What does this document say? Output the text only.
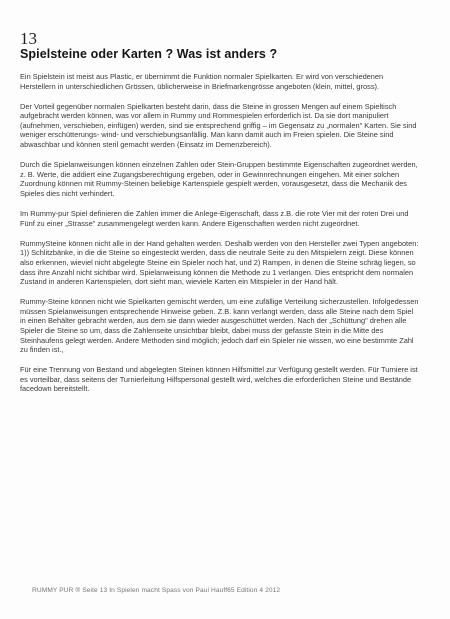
13
Spielsteine oder Karten ? Was ist anders ?

Ein Spielstein ist meist aus Plastic, er übernimmt die Funktion normaler Spielkarten. Er wird von verschiedenen Herstellern in unterschiedlichen Grössen, üblicherweise in Briefmarkengrösse angeboten (klein, mittel, gross).

Der Vorteil gegenüber normalen Spielkarten besteht darin, dass die Steine in grossen Mengen auf einem Spieltisch aufgebracht werden können, was vor allem in Rummy und Rommespielen erforderlich ist. Da sie dort manipuliert (aufnehmen, verschieben, einfügen) werden, sind sie entsprechend griffig – im Gegensatz zu „normalen" Karten. Sie sind weniger erschütterungs- wind- und verschiebungsanfällig. Man kann damit auch im Freien spielen. Die Steine sind abwaschbar und können steril gemacht werden (Einsatz im Demenzbereich).

Durch die Spielanweisungen können einzelnen Zahlen oder Stein-Gruppen bestimmte Eigenschaften zugeordnet werden, z. B. Werte, die addiert eine Zugangsberechtigung ergeben, oder in Gewinnrechnungen eingehen. Mit einer solchen Zuordnung können mit Rummy-Steinen beliebige Kartenspiele gespielt werden, vorausgesetzt, dass die Mechanik des Spieles dies nicht verhindert.

Im Rummy-pur Spiel definieren die Zahlen immer die Anlege-Eigenschaft, dass z.B. die rote Vier mit der roten Drei und Fünf zu einer „Strasse" zusammengelegt werden kann. Andere Eigenschaften werden nicht zugeordnet.

RummySteine können nicht alle in der Hand gehalten werden. Deshalb werden von den Hersteller zwei Typen angeboten: 1)) Schlitzbänke, in die die Steine so eingesteckt werden, dass die neutrale Seite zu den Mitspielern zeigt. Diese können also erkennen, wieviel nicht abgelegte Steine ein Spieler noch hat, und 2) Rampen, in denen die Steine schräg liegen, so dass ihre Anzahl nicht sichtbar wird. Spielanweisung können die Methode zu 1 verlangen. Dies entspricht dem normalen Zustand in anderen Kartenspielen, dort sieht man, wieviele Karten ein Mitspieler in der Hand hält.

Rummy-Steine können nicht wie Spielkarten gemischt werden, um eine zufällige Verteilung sicherzustellen. Infolgedessen müssen Spielanweisungen entsprechende Hinweise geben. Z.B. kann verlangt werden, dass alle Steine nach dem Spiel in einen Behälter gebracht werden, aus dem sie dann wieder ausgeschüttet werden. Nach der „Schüttung" drehen alle Spieler die Steine so um, dass die Zahlenseite unsichtbar bleibt, dabei muss der gefasste Stein in die Mitte des Steinhaufens gelegt werden. Andere Methoden sind möglich; jedoch darf ein Spieler nie wissen, wo eine bestimmte Zahl zu finden ist.,

Für eine Trennung von Bestand und abgelegten Steinen können Hilfsmittel zur Verfügung gestellt werden. Für Turniere ist es vorteilbar, dass seitens der Turnierleitung Hilfspersonal gestellt wird, welches die erforderlichen Steine und Bestände facedown bereitstellt.

RUMMY PUR ® Seite 13 In Spielen macht Spass von Paul Hauff65 Edition 4 2012
